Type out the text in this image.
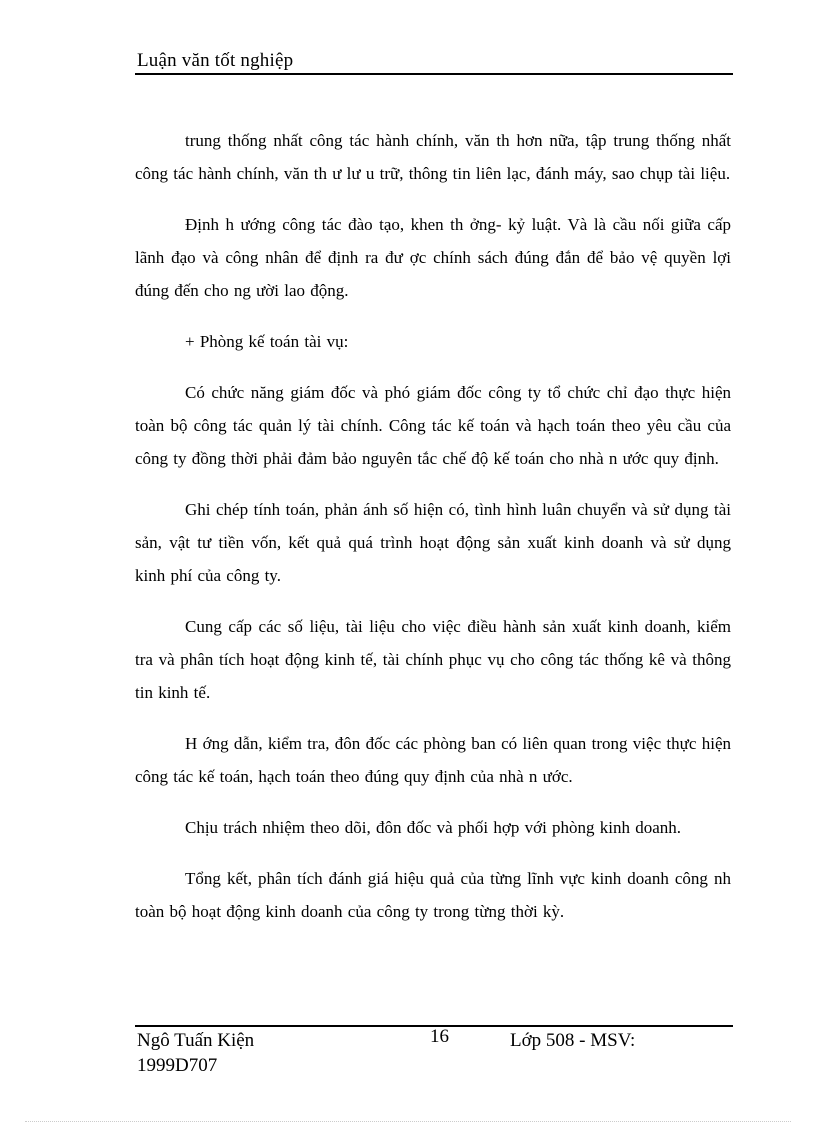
Luận văn tốt nghiệp

trung thống nhất công tác hành chính, văn th hơn nữa, tập trung thống nhất công tác hành chính, văn th ư lư u trữ, thông tin liên lạc, đánh máy, sao chụp tài liệu.

Định h ướng công tác đào tạo, khen th ởng- kỷ luật. Và là cầu nối giữa cấp lãnh đạo và công nhân để định ra đư ợc chính sách đúng đắn để bảo vệ quyền lợi đúng đến cho ng ười lao động.

+ Phòng kế toán tài vụ:

Có chức năng giám đốc và phó giám đốc công ty tổ chức chỉ đạo thực hiện toàn bộ công tác quản lý tài chính. Công tác kế toán và hạch toán theo yêu cầu của công ty đồng thời phải đảm bảo nguyên tắc chế độ kế toán cho nhà n ước quy định.

Ghi chép tính toán, phản ánh số hiện có, tình hình luân chuyển và sử dụng tài sản, vật tư tiền vốn, kết quả quá trình hoạt động sản xuất kinh doanh và sử dụng kinh phí của công ty.

Cung cấp các số liệu, tài liệu cho việc điều hành sản xuất kinh doanh, kiểm tra và phân tích hoạt động kinh tế, tài chính phục vụ cho công tác thống kê và thông tin kinh tế.

H ớng dẫn, kiểm tra, đôn đốc các phòng ban có liên quan trong việc thực hiện công tác kế toán, hạch toán theo đúng quy định của nhà n ước.

Chịu trách nhiệm theo dõi, đôn đốc và phối hợp với phòng kinh doanh.

Tổng kết, phân tích đánh giá hiệu quả của từng lĩnh vực kinh doanh công nh toàn bộ hoạt động kinh doanh của công ty trong từng thời kỳ.

Ngô Tuấn Kiện
1999D707
16	Lớp 508 - MSV:
